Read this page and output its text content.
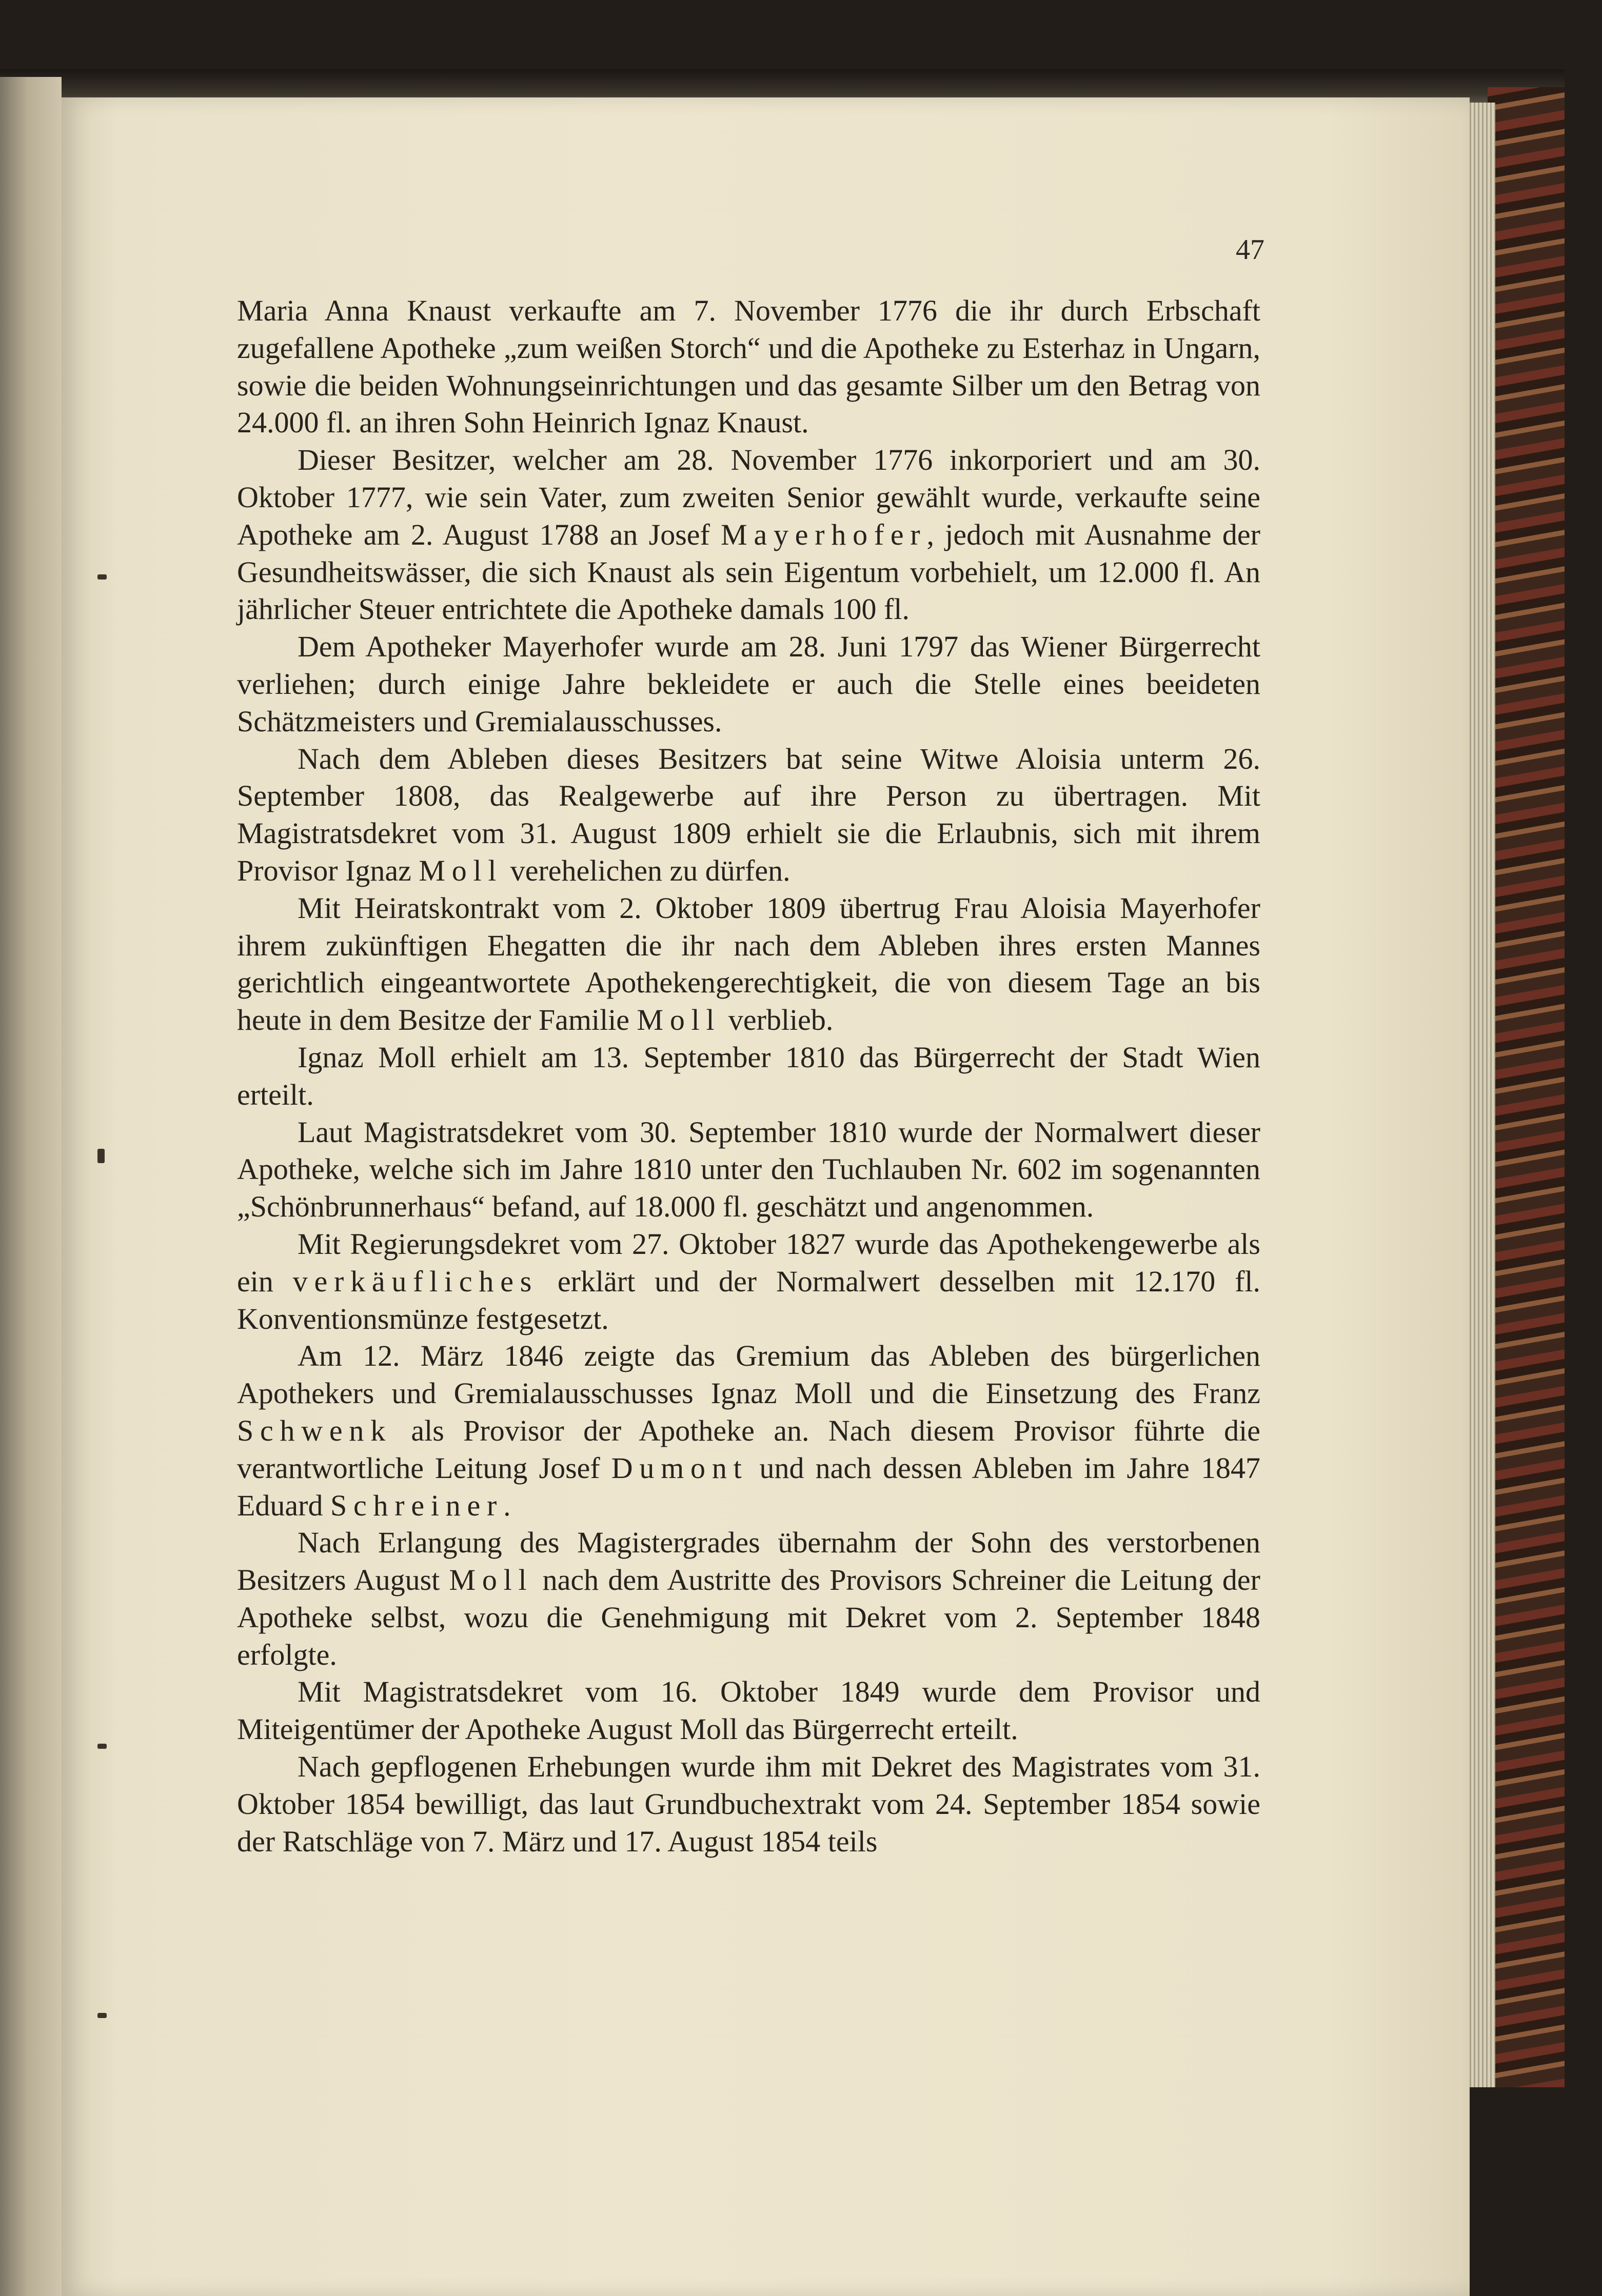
47

Maria Anna Knaust verkaufte am 7. November 1776 die ihr durch Erbschaft zugefallene Apotheke „zum weißen Storch“ und die Apotheke zu Esterhaz in Ungarn, sowie die beiden Wohnungseinrichtungen und das gesamte Silber um den Betrag von 24.000 fl. an ihren Sohn Heinrich Ignaz Knaust.

Dieser Besitzer, welcher am 28. November 1776 inkorporiert und am 30. Oktober 1777, wie sein Vater, zum zweiten Senior gewählt wurde, verkaufte seine Apotheke am 2. August 1788 an Josef Mayerhofer, jedoch mit Ausnahme der Gesundheitswässer, die sich Knaust als sein Eigentum vorbehielt, um 12.000 fl. An jährlicher Steuer entrichtete die Apotheke damals 100 fl.

Dem Apotheker Mayerhofer wurde am 28. Juni 1797 das Wiener Bürgerrecht verliehen; durch einige Jahre bekleidete er auch die Stelle eines beeideten Schätzmeisters und Gremialausschusses.

Nach dem Ableben dieses Besitzers bat seine Witwe Aloisia unterm 26. September 1808, das Realgewerbe auf ihre Person zu übertragen. Mit Magistratsdekret vom 31. August 1809 erhielt sie die Erlaubnis, sich mit ihrem Provisor Ignaz Moll verehelichen zu dürfen.

Mit Heiratskontrakt vom 2. Oktober 1809 übertrug Frau Aloisia Mayerhofer ihrem zukünftigen Ehegatten die ihr nach dem Ableben ihres ersten Mannes gerichtlich eingeantwortete Apothekengerechtigkeit, die von diesem Tage an bis heute in dem Besitze der Familie Moll verblieb.

Ignaz Moll erhielt am 13. September 1810 das Bürgerrecht der Stadt Wien erteilt.

Laut Magistratsdekret vom 30. September 1810 wurde der Normalwert dieser Apotheke, welche sich im Jahre 1810 unter den Tuchlauben Nr. 602 im sogenannten „Schönbrunnerhaus“ befand, auf 18.000 fl. geschätzt und angenommen.

Mit Regierungsdekret vom 27. Oktober 1827 wurde das Apothekengewerbe als ein verkäufliches erklärt und der Normalwert desselben mit 12.170 fl. Konventionsmünze festgesetzt.

Am 12. März 1846 zeigte das Gremium das Ableben des bürgerlichen Apothekers und Gremialausschusses Ignaz Moll und die Einsetzung des Franz Schwenk als Provisor der Apotheke an. Nach diesem Provisor führte die verantwortliche Leitung Josef Dumont und nach dessen Ableben im Jahre 1847 Eduard Schreiner.

Nach Erlangung des Magistergrades übernahm der Sohn des verstorbenen Besitzers August Moll nach dem Austritte des Provisors Schreiner die Leitung der Apotheke selbst, wozu die Genehmigung mit Dekret vom 2. September 1848 erfolgte.

Mit Magistratsdekret vom 16. Oktober 1849 wurde dem Provisor und Miteigentümer der Apotheke August Moll das Bürgerrecht erteilt.

Nach gepflogenen Erhebungen wurde ihm mit Dekret des Magistrates vom 31. Oktober 1854 bewilligt, das laut Grundbuchextrakt vom 24. September 1854 sowie der Ratschläge von 7. März und 17. August 1854 teils
